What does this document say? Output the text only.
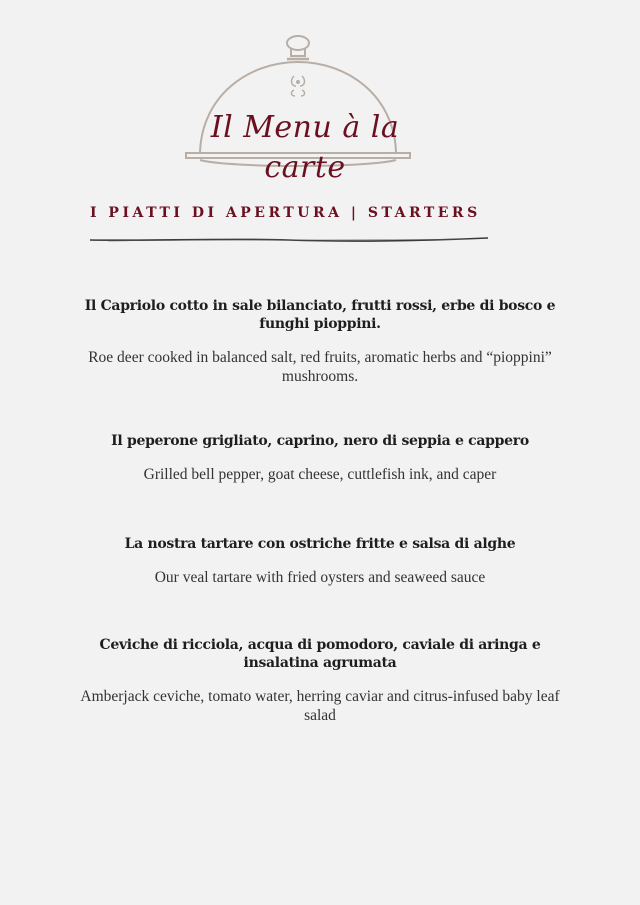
Il Menu à la carte
I PIATTI DI APERTURA | STARTERS
Il Capriolo cotto in sale bilanciato, frutti rossi, erbe di bosco e funghi pioppini.
Roe deer cooked in balanced salt, red fruits, aromatic herbs and “pioppini” mushrooms.
Il peperone grigliato, caprino, nero di seppia e cappero
Grilled bell pepper, goat cheese, cuttlefish ink, and caper
La nostra tartare con ostriche fritte e salsa di alghe
Our veal tartare with fried oysters and seaweed sauce
Ceviche di ricciola, acqua di pomodoro, caviale di aringa e insalatina agrumata
Amberjack ceviche, tomato water, herring caviar and citrus-infused baby leaf salad
